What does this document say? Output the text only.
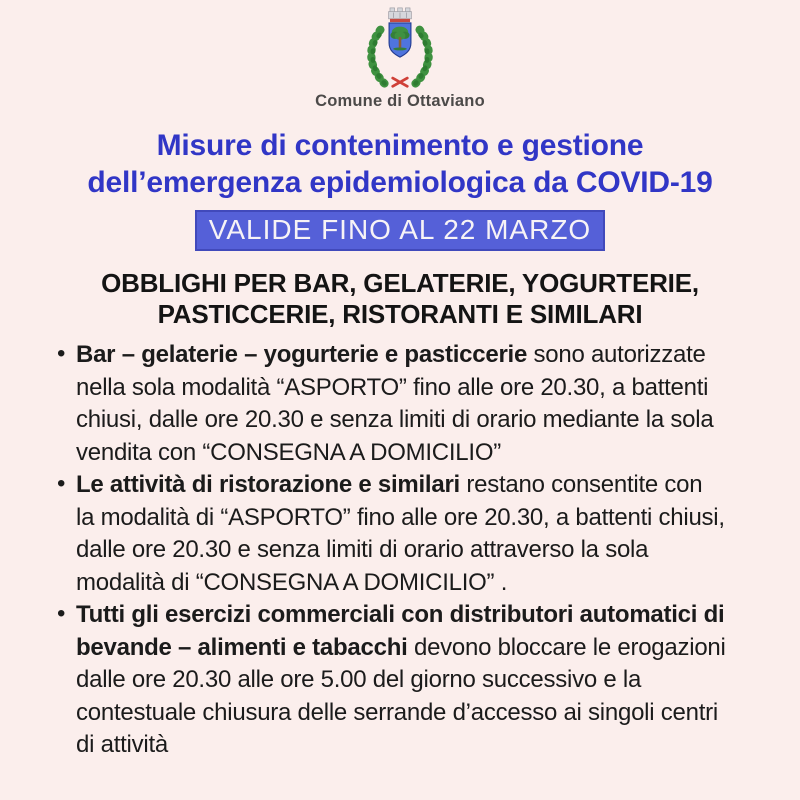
Comune di Ottaviano
Misure di contenimento e gestione
dell’emergenza epidemiologica da COVID-19
VALIDE FINO AL 22 MARZO
OBBLIGHI PER BAR, GELATERIE, YOGURTERIE,
PASTICCERIE, RISTORANTI E SIMILARI
• Bar – gelaterie – yogurterie e pasticcerie sono autorizzate nella sola modalità “ASPORTO” fino alle ore 20.30, a battenti chiusi, dalle ore 20.30 e senza limiti di orario mediante la sola vendita con “CONSEGNA A DOMICILIO”
• Le attività di ristorazione e similari restano consentite con la modalità di “ASPORTO” fino alle ore 20.30, a battenti chiusi, dalle ore 20.30 e senza limiti di orario attraverso la sola modalità di “CONSEGNA A DOMICILIO” .
• Tutti gli esercizi commerciali con distributori automatici di bevande – alimenti e tabacchi devono bloccare le erogazioni dalle ore 20.30 alle ore 5.00 del giorno successivo e la contestuale chiusura delle serrande d’accesso ai singoli centri di attività
